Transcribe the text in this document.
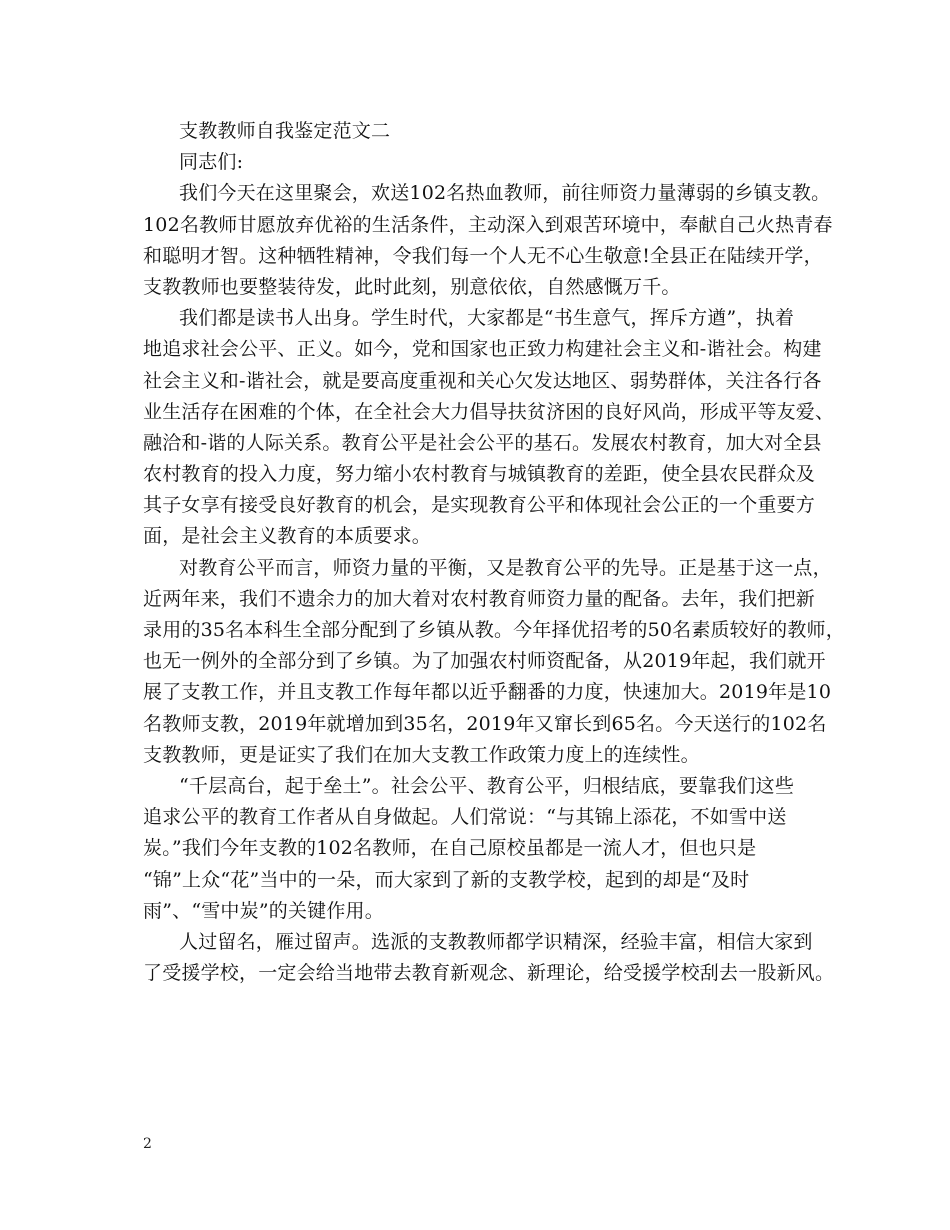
支教教师自我鉴定范文二
同志们:
我们今天在这里聚会，欢送102名热血教师，前往师资力量薄弱的乡镇支教。
102名教师甘愿放弃优裕的生活条件，主动深入到艰苦环境中，奉献自己火热青春
和聪明才智。这种牺牲精神，令我们每一个人无不心生敬意!全县正在陆续开学，
支教教师也要整装待发，此时此刻，别意依依，自然感慨万千。
我们都是读书人出身。学生时代，大家都是“书生意气，挥斥方遒”，执着
地追求社会公平、正义。如今，党和国家也正致力构建社会主义和-谐社会。构建
社会主义和-谐社会，就是要高度重视和关心欠发达地区、弱势群体，关注各行各
业生活存在困难的个体，在全社会大力倡导扶贫济困的良好风尚，形成平等友爱、
融洽和-谐的人际关系。教育公平是社会公平的基石。发展农村教育，加大对全县
农村教育的投入力度，努力缩小农村教育与城镇教育的差距，使全县农民群众及
其子女享有接受良好教育的机会，是实现教育公平和体现社会公正的一个重要方
面，是社会主义教育的本质要求。
对教育公平而言，师资力量的平衡，又是教育公平的先导。正是基于这一点，
近两年来，我们不遗余力的加大着对农村教育师资力量的配备。去年，我们把新
录用的35名本科生全部分配到了乡镇从教。今年择优招考的50名素质较好的教师，
也无一例外的全部分到了乡镇。为了加强农村师资配备，从2019年起，我们就开
展了支教工作，并且支教工作每年都以近乎翻番的力度，快速加大。2019年是10
名教师支教，2019年就增加到35名，2019年又窜长到65名。今天送行的102名
支教教师，更是证实了我们在加大支教工作政策力度上的连续性。
“千层高台，起于垒土”。社会公平、教育公平，归根结底，要靠我们这些
追求公平的教育工作者从自身做起。人们常说：“与其锦上添花，不如雪中送
炭。”我们今年支教的102名教师，在自己原校虽都是一流人才，但也只是
“锦”上众“花”当中的一朵，而大家到了新的支教学校，起到的却是“及时
雨”、“雪中炭”的关键作用。
人过留名，雁过留声。选派的支教教师都学识精深，经验丰富，相信大家到
了受援学校，一定会给当地带去教育新观念、新理论，给受援学校刮去一股新风。
2
